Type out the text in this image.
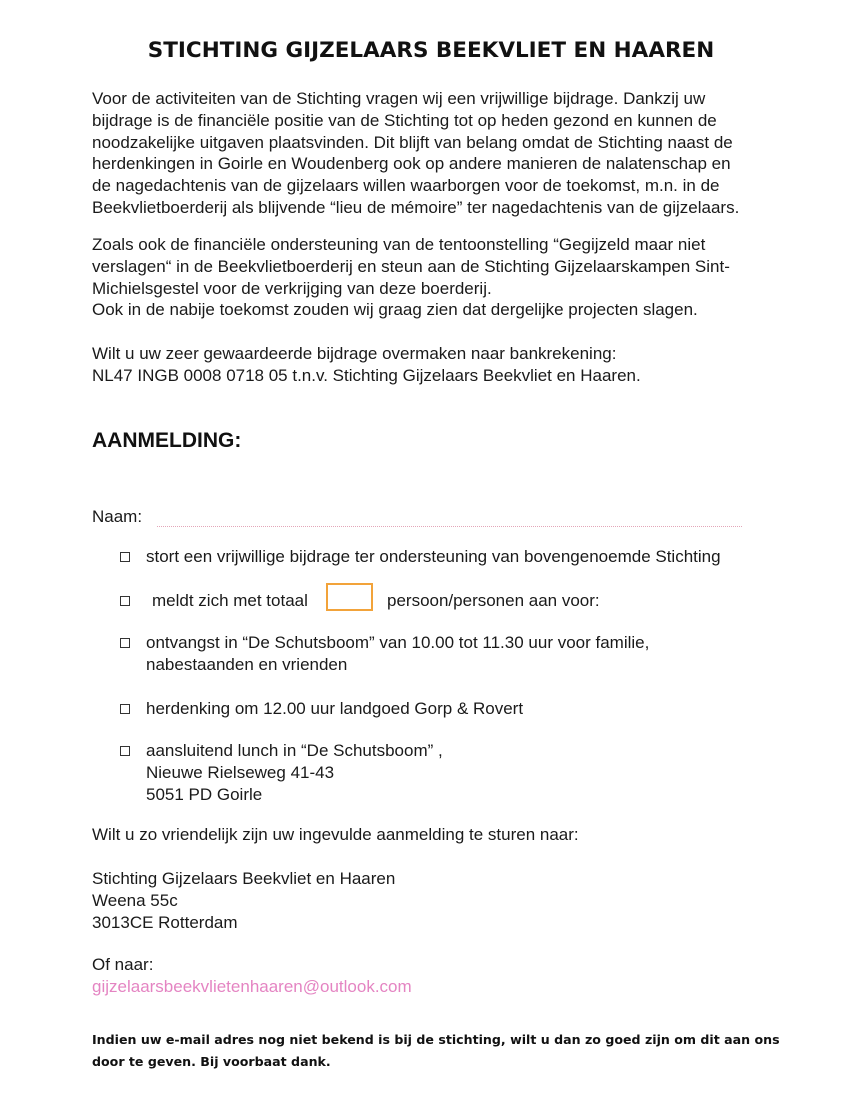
STICHTING GIJZELAARS BEEKVLIET EN HAAREN
Voor de activiteiten van de Stichting vragen wij een vrijwillige bijdrage. Dankzij uw
bijdrage is de financiële positie van de Stichting tot op heden gezond en kunnen de
noodzakelijke uitgaven plaatsvinden. Dit blijft van belang omdat de Stichting naast de
herdenkingen in Goirle en Woudenberg ook op andere manieren de nalatenschap en
de nagedachtenis van de gijzelaars willen waarborgen voor de toekomst, m.n. in de
Beekvlietboerderij als blijvende “lieu de mémoire” ter nagedachtenis van de gijzelaars.
Zoals ook de financiële ondersteuning van de tentoonstelling “Gegijzeld maar niet
verslagen“ in de Beekvlietboerderij en steun aan de Stichting Gijzelaarskampen Sint-
Michielsgestel voor de verkrijging van deze boerderij.
Ook in de nabije toekomst zouden wij graag zien dat dergelijke projecten slagen.
Wilt u uw zeer gewaardeerde bijdrage overmaken naar bankrekening:
NL47 INGB 0008 0718 05 t.n.v. Stichting Gijzelaars Beekvliet en Haaren.
AANMELDING:
Naam:
stort een vrijwillige bijdrage ter ondersteuning van bovengenoemde Stichting
meldt zich met totaal	persoon/personen aan voor:
ontvangst in “De Schutsboom” van 10.00 tot 11.30 uur voor familie,
nabestaanden en vrienden
herdenking om 12.00 uur landgoed Gorp & Rovert
aansluitend lunch in “De Schutsboom” ,
Nieuwe Rielseweg 41-43
5051 PD Goirle
Wilt u zo vriendelijk zijn uw ingevulde aanmelding te sturen naar:
Stichting Gijzelaars Beekvliet en Haaren
Weena 55c
3013CE Rotterdam
Of naar:
gijzelaarsbeekvlietenhaaren@outlook.com
Indien uw e-mail adres nog niet bekend is bij de stichting, wilt u dan zo goed zijn om dit aan ons
door te geven. Bij voorbaat dank.
